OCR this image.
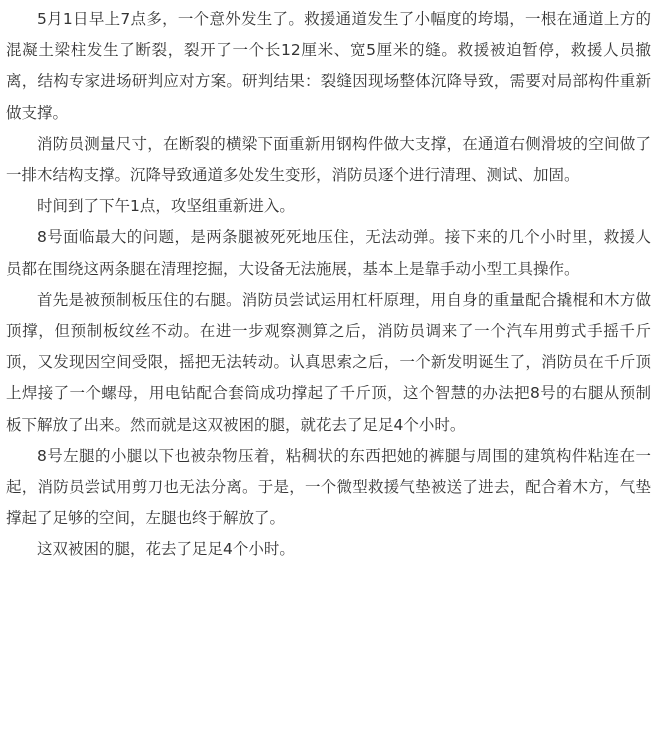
5月1日早上7点多，一个意外发生了。救援通道发生了小幅度的垮塌，一根在通道上方的混凝土梁柱发生了断裂，裂开了一个长12厘米、宽5厘米的缝。救援被迫暂停，救援人员撤离，结构专家进场研判应对方案。研判结果：裂缝因现场整体沉降导致，需要对局部构件重新做支撑。

消防员测量尺寸，在断裂的横梁下面重新用钢构件做大支撑，在通道右侧滑坡的空间做了一排木结构支撑。沉降导致通道多处发生变形，消防员逐个进行清理、测试、加固。

时间到了下午1点，攻坚组重新进入。

8号面临最大的问题，是两条腿被死死地压住，无法动弹。接下来的几个小时里，救援人员都在围绕这两条腿在清理挖掘，大设备无法施展，基本上是靠手动小型工具操作。

首先是被预制板压住的右腿。消防员尝试运用杠杆原理，用自身的重量配合撬棍和木方做顶撑，但预制板纹丝不动。在进一步观察测算之后，消防员调来了一个汽车用剪式手摇千斤顶，又发现因空间受限，摇把无法转动。认真思索之后，一个新发明诞生了，消防员在千斤顶上焊接了一个螺母，用电钻配合套筒成功撑起了千斤顶，这个智慧的办法把8号的右腿从预制板下解放了出来。然而就是这双被困的腿，就花去了足足4个小时。

8号左腿的小腿以下也被杂物压着，粘稠状的东西把她的裤腿与周围的建筑构件粘连在一起，消防员尝试用剪刀也无法分离。于是，一个微型救援气垫被送了进去，配合着木方，气垫撑起了足够的空间，左腿也终于解放了。

这双被困的腿，花去了足足4个小时。
